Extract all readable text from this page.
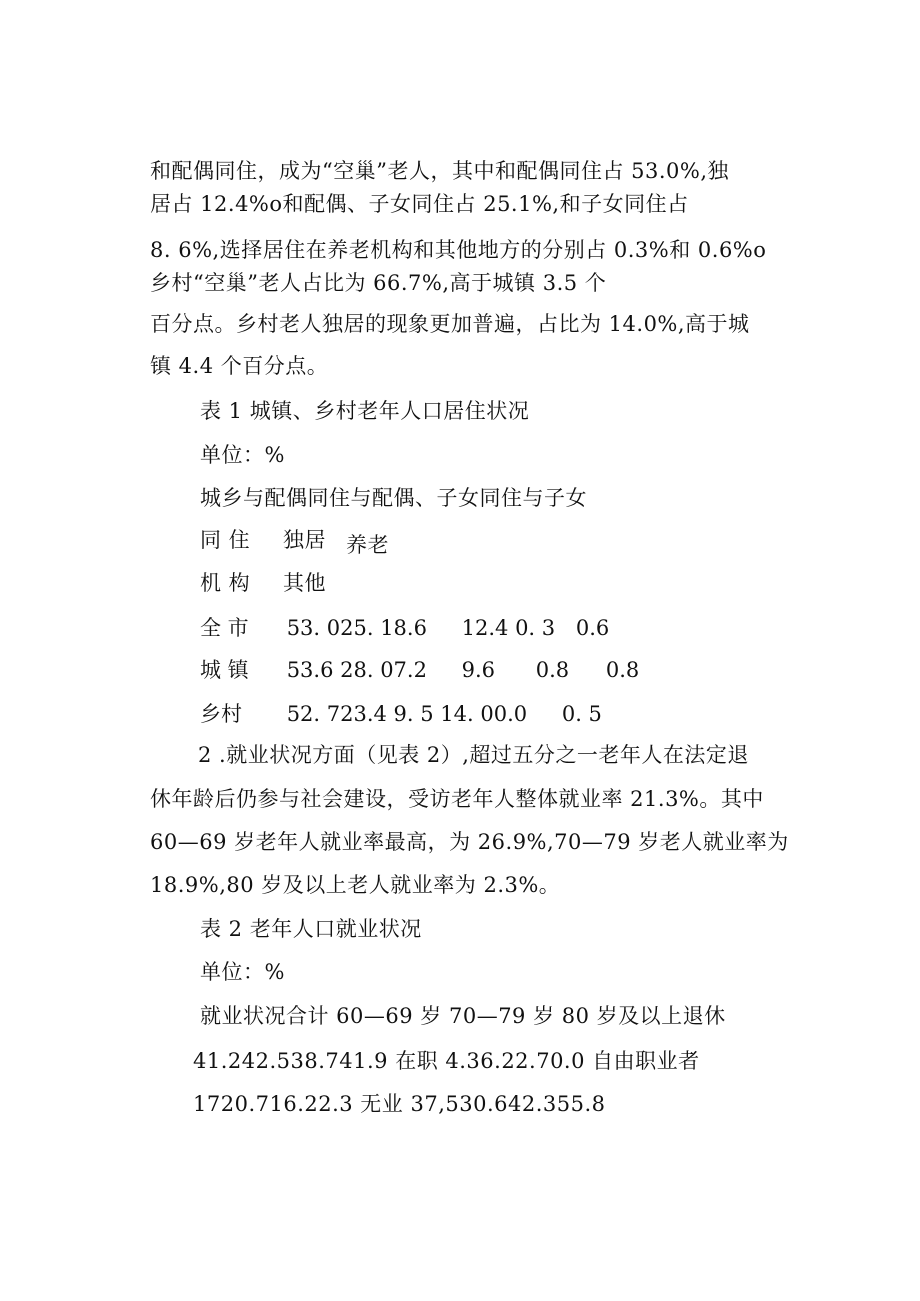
和配偶同住，成为“空巢”老人，其中和配偶同住占 53.0%,独
居占 12.4%o和配偶、子女同住占 25.1%,和子女同住占
8. 6%,选择居住在养老机构和其他地方的分别占 0.3%和 0.6%o
乡村“空巢”老人占比为 66.7%,高于城镇 3.5 个
百分点。乡村老人独居的现象更加普遍，占比为 14.0%,高于城
镇 4.4 个百分点。
表 1 城镇、乡村老年人口居住状况
单位：%
城乡与配偶同住与配偶、子女同住与子女
同 住 独居 养老
机 构 其他
全 市 53. 025. 18.6 12.4 0. 3 0.6
城 镇 53.6 28. 07.2 9.6 0.8 0.8
乡村 52. 723.4 9. 5 14. 00.0 0. 5
2 .就业状况方面（见表 2）,超过五分之一老年人在法定退
休年龄后仍参与社会建设，受访老年人整体就业率 21.3%。其中
60—69 岁老年人就业率最高，为 26.9%,70—79 岁老人就业率为
18.9%,80 岁及以上老人就业率为 2.3%。
表 2 老年人口就业状况
单位：%
就业状况合计 60—69 岁 70—79 岁 80 岁及以上退休
41.242.538.741.9 在职 4.36.22.70.0 自由职业者
1720.716.22.3 无业 37,530.642.355.8
